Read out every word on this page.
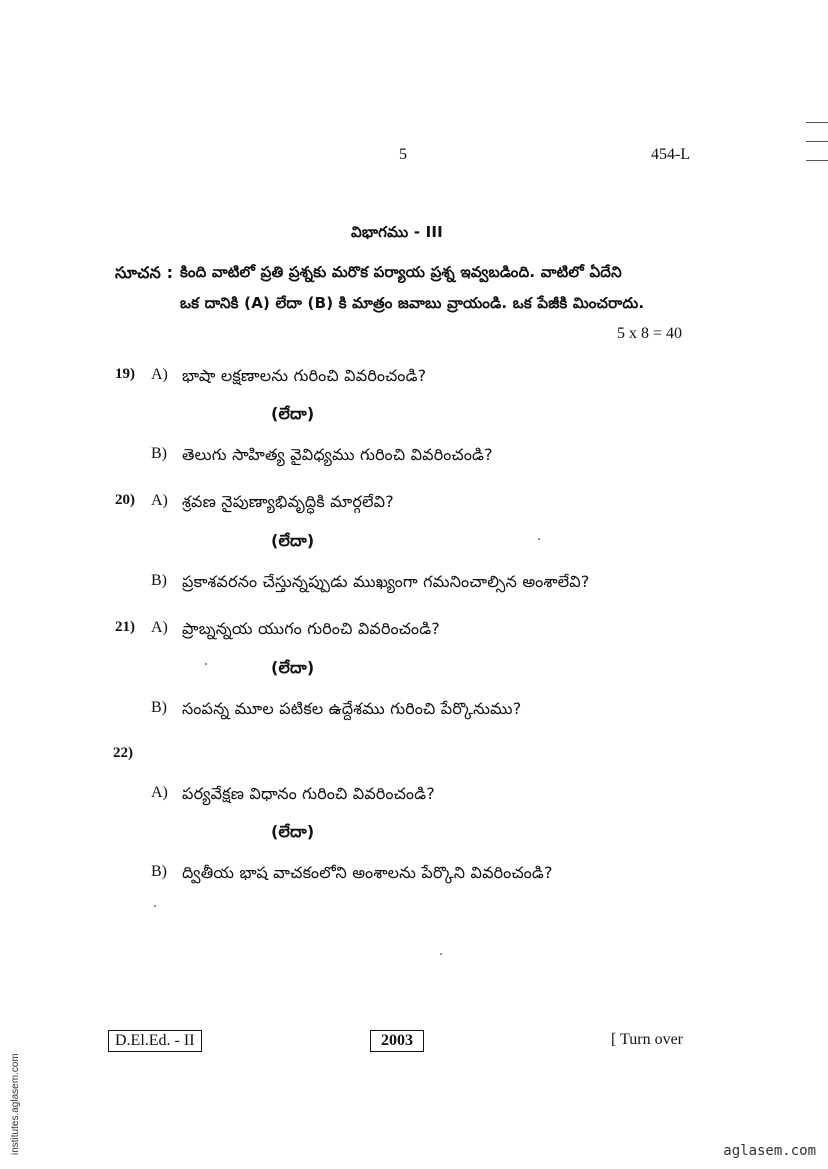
5	454-L
విభాగము - III
సూచన : కింది వాటిలో ప్రతి ప్రశ్నకు మరొక పర్యాయ ప్రశ్న ఇవ్వబడింది. వాటిలో ఏదేని
ఒక దానికి (A) లేదా (B) కి మాత్రం జవాబు వ్రాయండి. ఒక పేజీకి మించరాదు.
5 x 8 = 40
19) A) భాషా లక్షణాలను గురించి వివరించండి?
(లేదా)
B) తెలుగు సాహిత్య వైవిధ్యము గురించి వివరించండి?
20) A) శ్రవణ నైపుణ్యాభివృద్ధికి మార్గలేవి?
(లేదా)
B) ప్రకాశవరనం చేస్తున్నప్పుడు ముఖ్యంగా గమనించాల్సిన అంశాలేవి?
21) A) ప్రాబ్నన్నయ యుగం గురించి వివరించండి?
(లేదా)
B) సంపన్న మూల పటికల ఉద్దేశము గురించి పేర్కొనుము?
22)
A) పర్యవేక్షణ విధానం గురించి వివరించండి?
(లేదా)
B) ద్వితీయ భాష వాచకంలోని అంశాలను పేర్కొని వివరించండి?
D.El.Ed. - II	2003	[ Turn over
institutes.aglasem.com	aglasem.com
